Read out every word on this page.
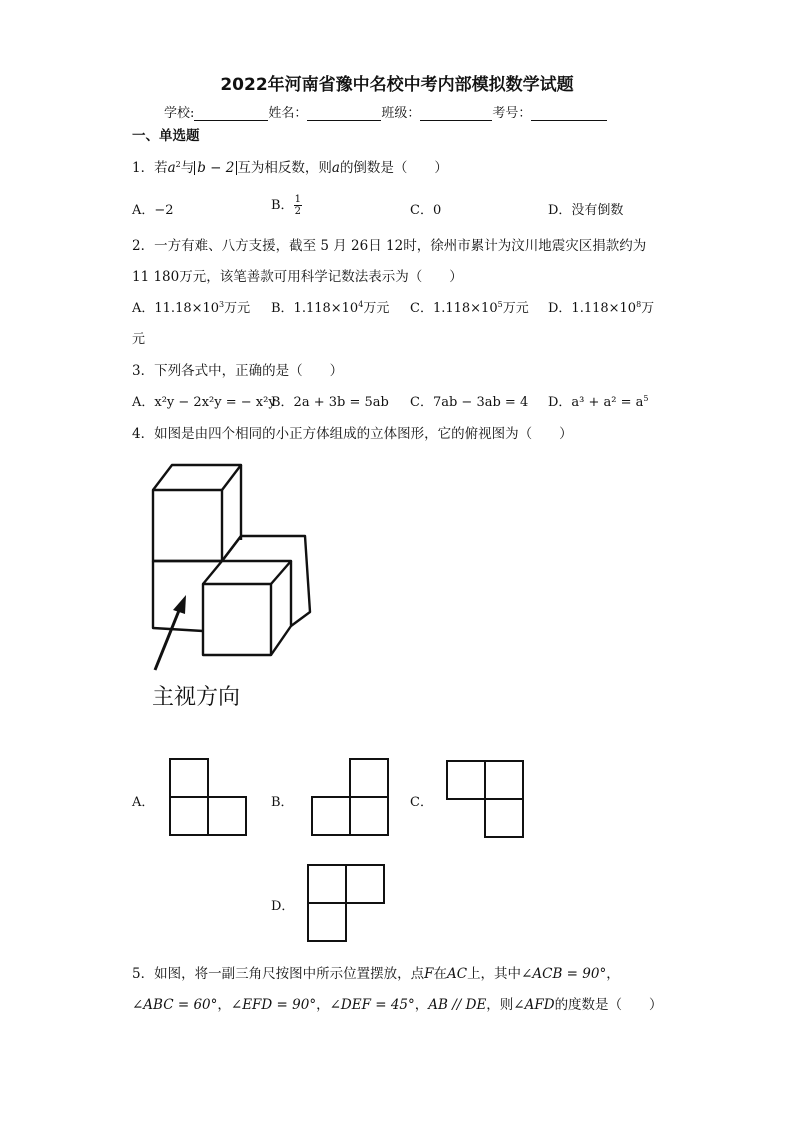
2022年河南省豫中名校中考内部模拟数学试题
学校:	姓名：	班级：	考号：
一、单选题
1．若$a^2$与 b − 2 互为相反数，则a的倒数是（　　）
A．−2	B． $\frac{1}{2}$	C．0	D．没有倒数
2．一方有难、八方支援，截至 5 月 26日 12时，徐州市累计为汶川地震灾区捐款约为
11 180万元，该笔善款可用科学记数法表示为（　　）
A．$11.18\times 10^3$万元 B．$1.118\times 10^4$万元 C．$1.118\times 10^5$万元 D．$1.118\times 10^8$万
元
3．下列各式中，正确的是（　　）
A．x²y − 2x²y = − x²y
B．2a + 3b = 5ab C．7ab − 3ab = 4 D．$a^3 + a^2 = a^5$
4．如图是由四个相同的小正方体组成的立体图形，它的俯视图为（　　）
主视方向
A．	B．	C．
D．
5．如图，将一副三角尺按图中所示位置摆放，点F在AC上，其中∠ACB = 90°，
∠ABC = 60°，∠EFD = 90°，∠DEF = 45°，AB // DE，则∠AFD的度数是（　　）
